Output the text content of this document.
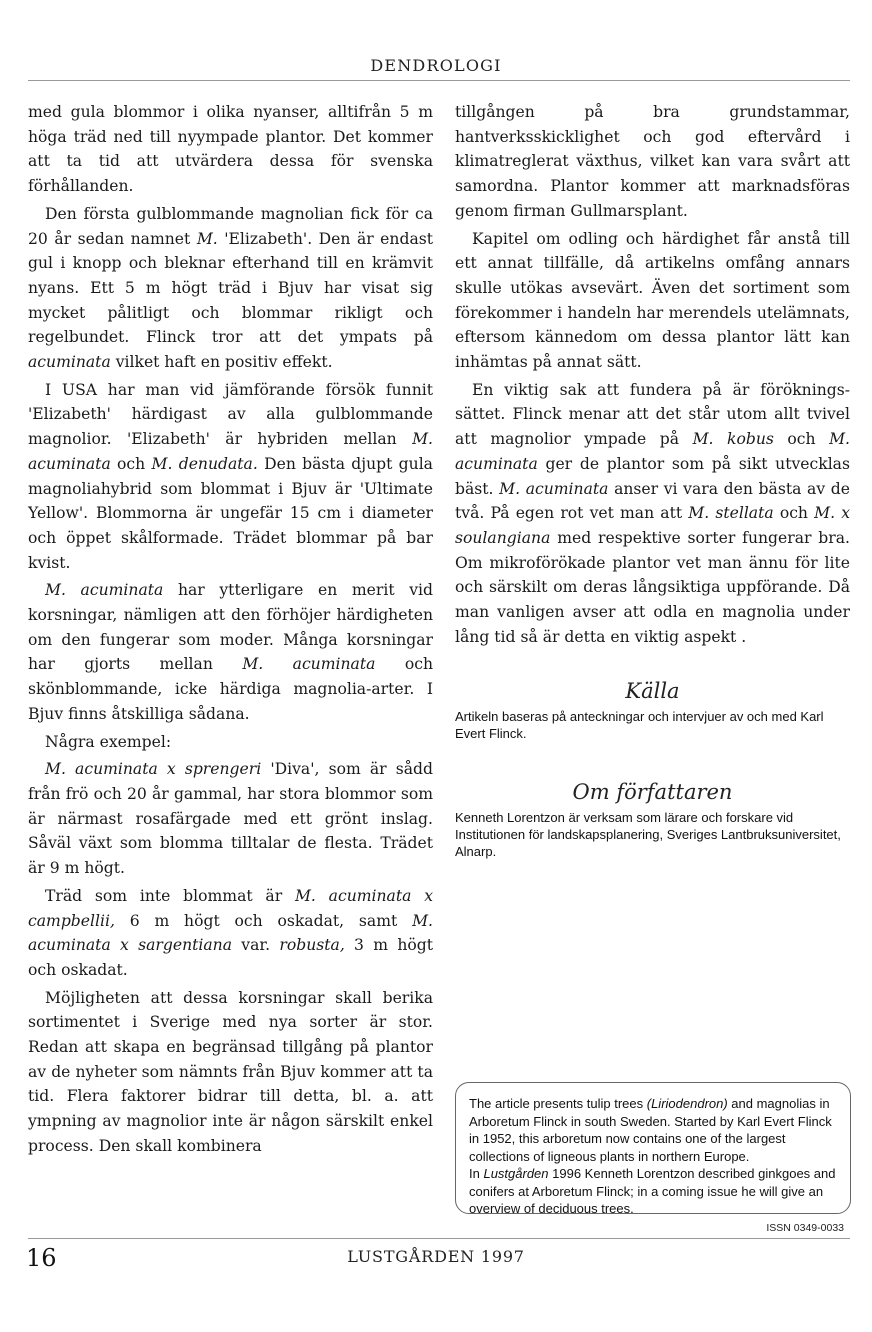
DENDROLOGI

med gula blommor i olika nyanser, alltifrån 5 m höga träd ned till nyympade plantor. Det kommer att ta tid att utvärdera dessa för svenska förhållanden.

Den första gulblommande magnolian fick för ca 20 år sedan namnet M. 'Elizabeth'. Den är endast gul i knopp och bleknar efterhand till en krämvit nyans. Ett 5 m högt träd i Bjuv har visat sig mycket pålitligt och blommar rikligt och regelbundet. Flinck tror att det ympats på acuminata vilket haft en positiv effekt.

I USA har man vid jämförande försök funnit 'Elizabeth' härdigast av alla gulblommande magnolior. 'Elizabeth' är hybriden mellan M. acuminata och M. denudata. Den bästa djupt gula magnoliahybrid som blommat i Bjuv är 'Ultimate Yellow'. Blommorna är ungefär 15 cm i diameter och öppet skålformade. Trädet blommar på bar kvist.

M. acuminata har ytterligare en merit vid korsningar, nämligen att den förhöjer härdigheten om den fungerar som moder. Många korsningar har gjorts mellan M. acuminata och skönblommande, icke härdiga magnolia-arter. I Bjuv finns åtskilliga sådana.

Några exempel:

M. acuminata x sprengeri 'Diva', som är sådd från frö och 20 år gammal, har stora blommor som är närmast rosafärgade med ett grönt inslag. Såväl växt som blomma tilltalar de flesta. Trädet är 9 m högt.

Träd som inte blommat är M. acuminata x campbellii, 6 m högt och oskadat, samt M. acuminata x sargentiana var. robusta, 3 m högt och oskadat.

Möjligheten att dessa korsningar skall berika sortimentet i Sverige med nya sorter är stor. Redan att skapa en begränsad tillgång på plantor av de nyheter som nämnts från Bjuv kommer att ta tid. Flera faktorer bidrar till detta, bl. a. att ympning av magnolior inte är någon särskilt enkel process. Den skall kombinera

tillgången på bra grundstammar, hantverksskicklighet och god eftervård i klimatreglerat växthus, vilket kan vara svårt att samordna. Plantor kommer att marknadsföras genom firman Gullmarsplant.

Kapitel om odling och härdighet får anstå till ett annat tillfälle, då artikelns omfång annars skulle utökas avsevärt. Även det sortiment som förekommer i handeln har merendels utelämnats, eftersom kännedom om dessa plantor lätt kan inhämtas på annat sätt.

En viktig sak att fundera på är föröknings-sättet. Flinck menar att det står utom allt tvivel att magnolior ympade på M. kobus och M. acuminata ger de plantor som på sikt utvecklas bäst. M. acuminata anser vi vara den bästa av de två. På egen rot vet man att M. stellata och M. x soulangiana med respektive sorter fungerar bra. Om mikroförökade plantor vet man ännu för lite och särskilt om deras långsiktiga uppförande. Då man vanligen avser att odla en magnolia under lång tid så är detta en viktig aspekt .

Källa
Artikeln baseras på anteckningar och intervjuer av och med Karl Evert Flinck.
Om författaren
Kenneth Lorentzon är verksam som lärare och forskare vid Institutionen för landskapsplanering, Sveriges Lantbruksuniversitet, Alnarp.

The article presents tulip trees (Liriodendron) and magnolias in Arboretum Flinck in south Sweden. Started by Karl Evert Flinck in 1952, this arboretum now contains one of the largest collections of ligneous plants in northern Europe.

In Lustgården 1996 Kenneth Lorentzon described ginkgoes and conifers at Arboretum Flinck; in a coming issue he will give an overview of deciduous trees.

ISSN 0349-0033
16	LUSTGÅRDEN 1997
